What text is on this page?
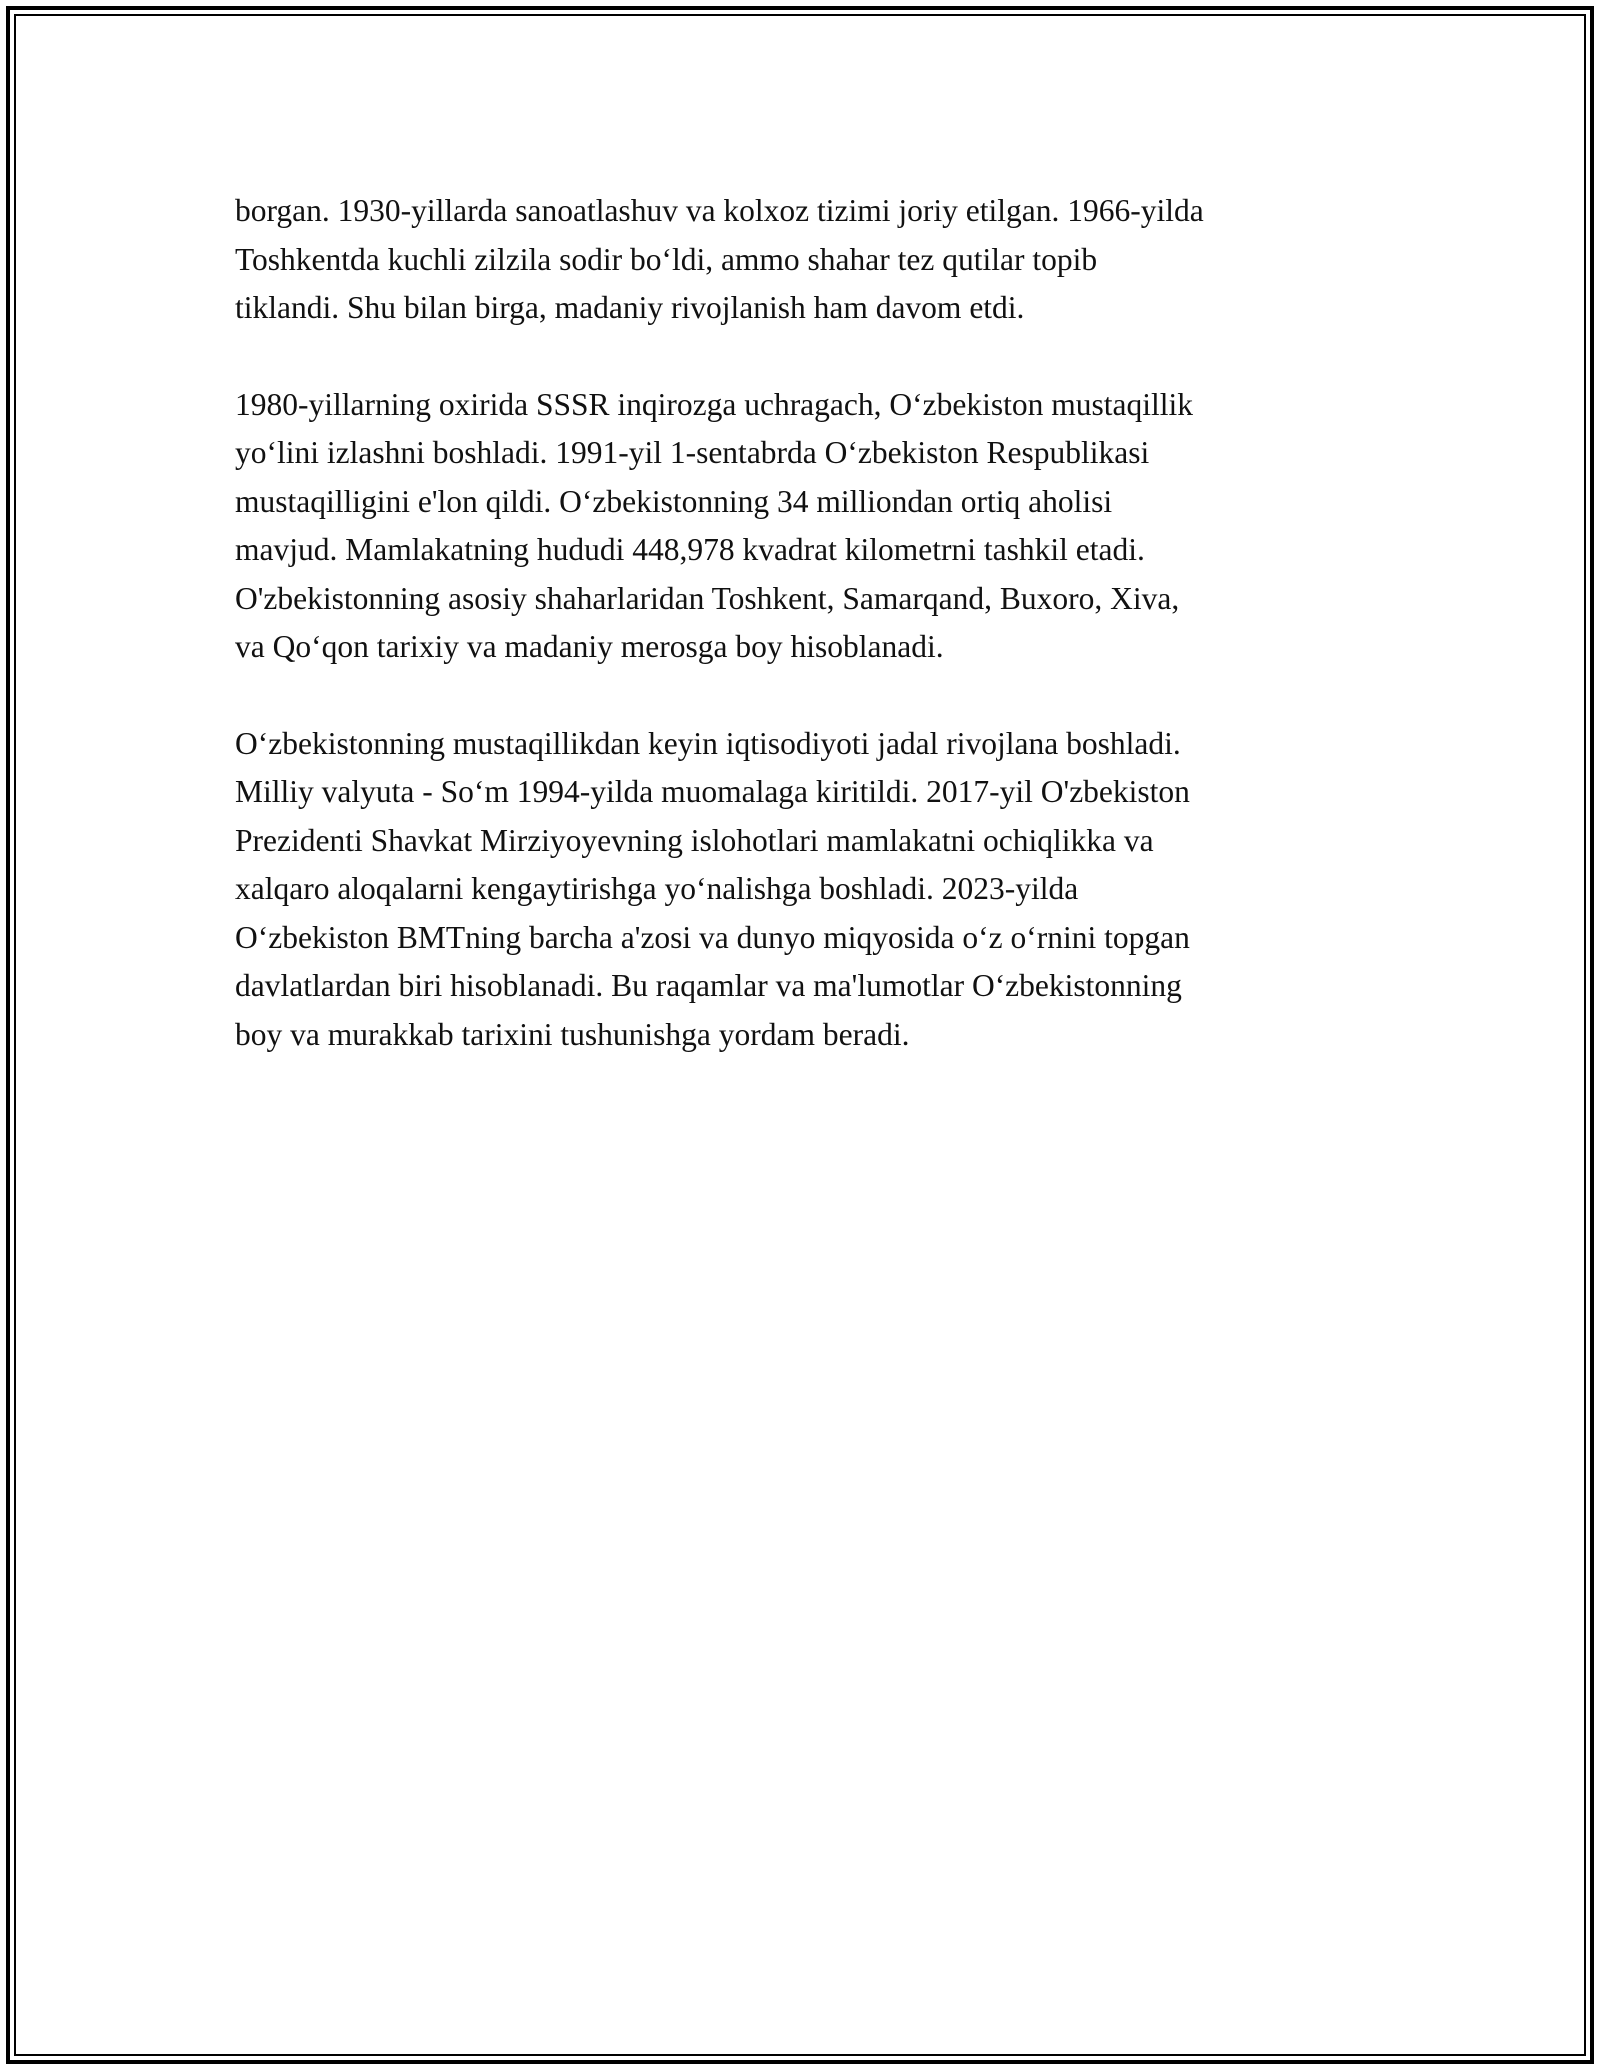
borgan. 1930-yillarda sanoatlashuv va kolxoz tizimi joriy etilgan. 1966-yilda
Toshkentda kuchli zilzila sodir bo‘ldi, ammo shahar tez qutilar topib
tiklandi. Shu bilan birga, madaniy rivojlanish ham davom etdi.

1980-yillarning oxirida SSSR inqirozga uchragach, O‘zbekiston mustaqillik
yo‘lini izlashni boshladi. 1991-yil 1-sentabrda O‘zbekiston Respublikasi
mustaqilligini e'lon qildi. O‘zbekistonning 34 milliondan ortiq aholisi
mavjud. Mamlakatning hududi 448,978 kvadrat kilometrni tashkil etadi.
O'zbekistonning asosiy shaharlaridan Toshkent, Samarqand, Buxoro, Xiva,
va Qo‘qon tarixiy va madaniy merosga boy hisoblanadi.

O‘zbekistonning mustaqillikdan keyin iqtisodiyoti jadal rivojlana boshladi.
Milliy valyuta - So‘m 1994-yilda muomalaga kiritildi. 2017-yil O'zbekiston
Prezidenti Shavkat Mirziyoyevning islohotlari mamlakatni ochiqlikka va
xalqaro aloqalarni kengaytirishga yo‘nalishga boshladi. 2023-yilda
O‘zbekiston BMTning barcha a'zosi va dunyo miqyosida o‘z o‘rnini topgan
davlatlardan biri hisoblanadi. Bu raqamlar va ma'lumotlar O‘zbekistonning
boy va murakkab tarixini tushunishga yordam beradi.
